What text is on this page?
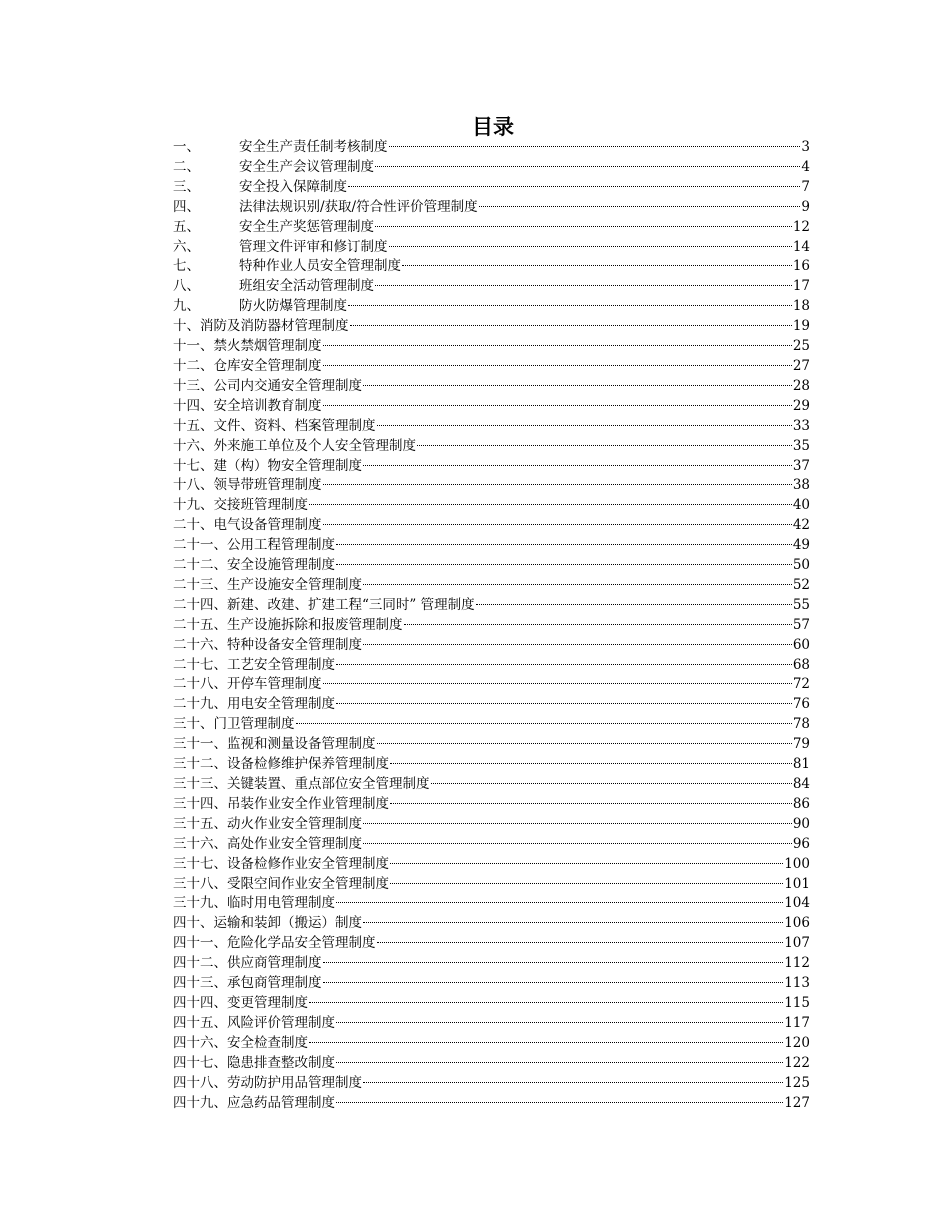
目录
一、	安全生产责任制考核制度	3
二、	安全生产会议管理制度	4
三、	安全投入保障制度	7
四、	法律法规识别/获取/符合性评价管理制度	9
五、	安全生产奖惩管理制度	12
六、	管理文件评审和修订制度	14
七、	特种作业人员安全管理制度	16
八、	班组安全活动管理制度	17
九、	防火防爆管理制度	18
十、 消防及消防器材管理制度	19
十一、 禁火禁烟管理制度	25
十二、 仓库安全管理制度	27
十三、 公司内交通安全管理制度	28
十四、 安全培训教育制度	29
十五、 文件、资料、档案管理制度	33
十六、 外来施工单位及个人安全管理制度	35
十七、 建（构）物安全管理制度	37
十八、 领导带班管理制度	38
十九、 交接班管理制度	40
二十、 电气设备管理制度	42
二十一、 公用工程管理制度	49
二十二、 安全设施管理制度	50
二十三、 生产设施安全管理制度	52
二十四、 新建、改建、扩建工程“三同时” 管理制度	55
二十五、 生产设施拆除和报废管理制度	57
二十六、 特种设备安全管理制度	60
二十七、 工艺安全管理制度	68
二十八、 开停车管理制度	72
二十九、 用电安全管理制度	76
三十、 门卫管理制度	78
三十一、 监视和测量设备管理制度	79
三十二、 设备检修维护保养管理制度	81
三十三、 关键装置、重点部位安全管理制度	84
三十四、 吊装作业安全作业管理制度	86
三十五、 动火作业安全管理制度	90
三十六、 高处作业安全管理制度	96
三十七、 设备检修作业安全管理制度	100
三十八、 受限空间作业安全管理制度	101
三十九、 临时用电管理制度	104
四十、 运输和装卸（搬运）制度	106
四十一、 危险化学品安全管理制度	107
四十二、 供应商管理制度	112
四十三、 承包商管理制度	113
四十四、 变更管理制度	115
四十五、 风险评价管理制度	117
四十六、 安全检查制度	120
四十七、 隐患排查整改制度	122
四十八、 劳动防护用品管理制度	125
四十九、 应急药品管理制度	127
